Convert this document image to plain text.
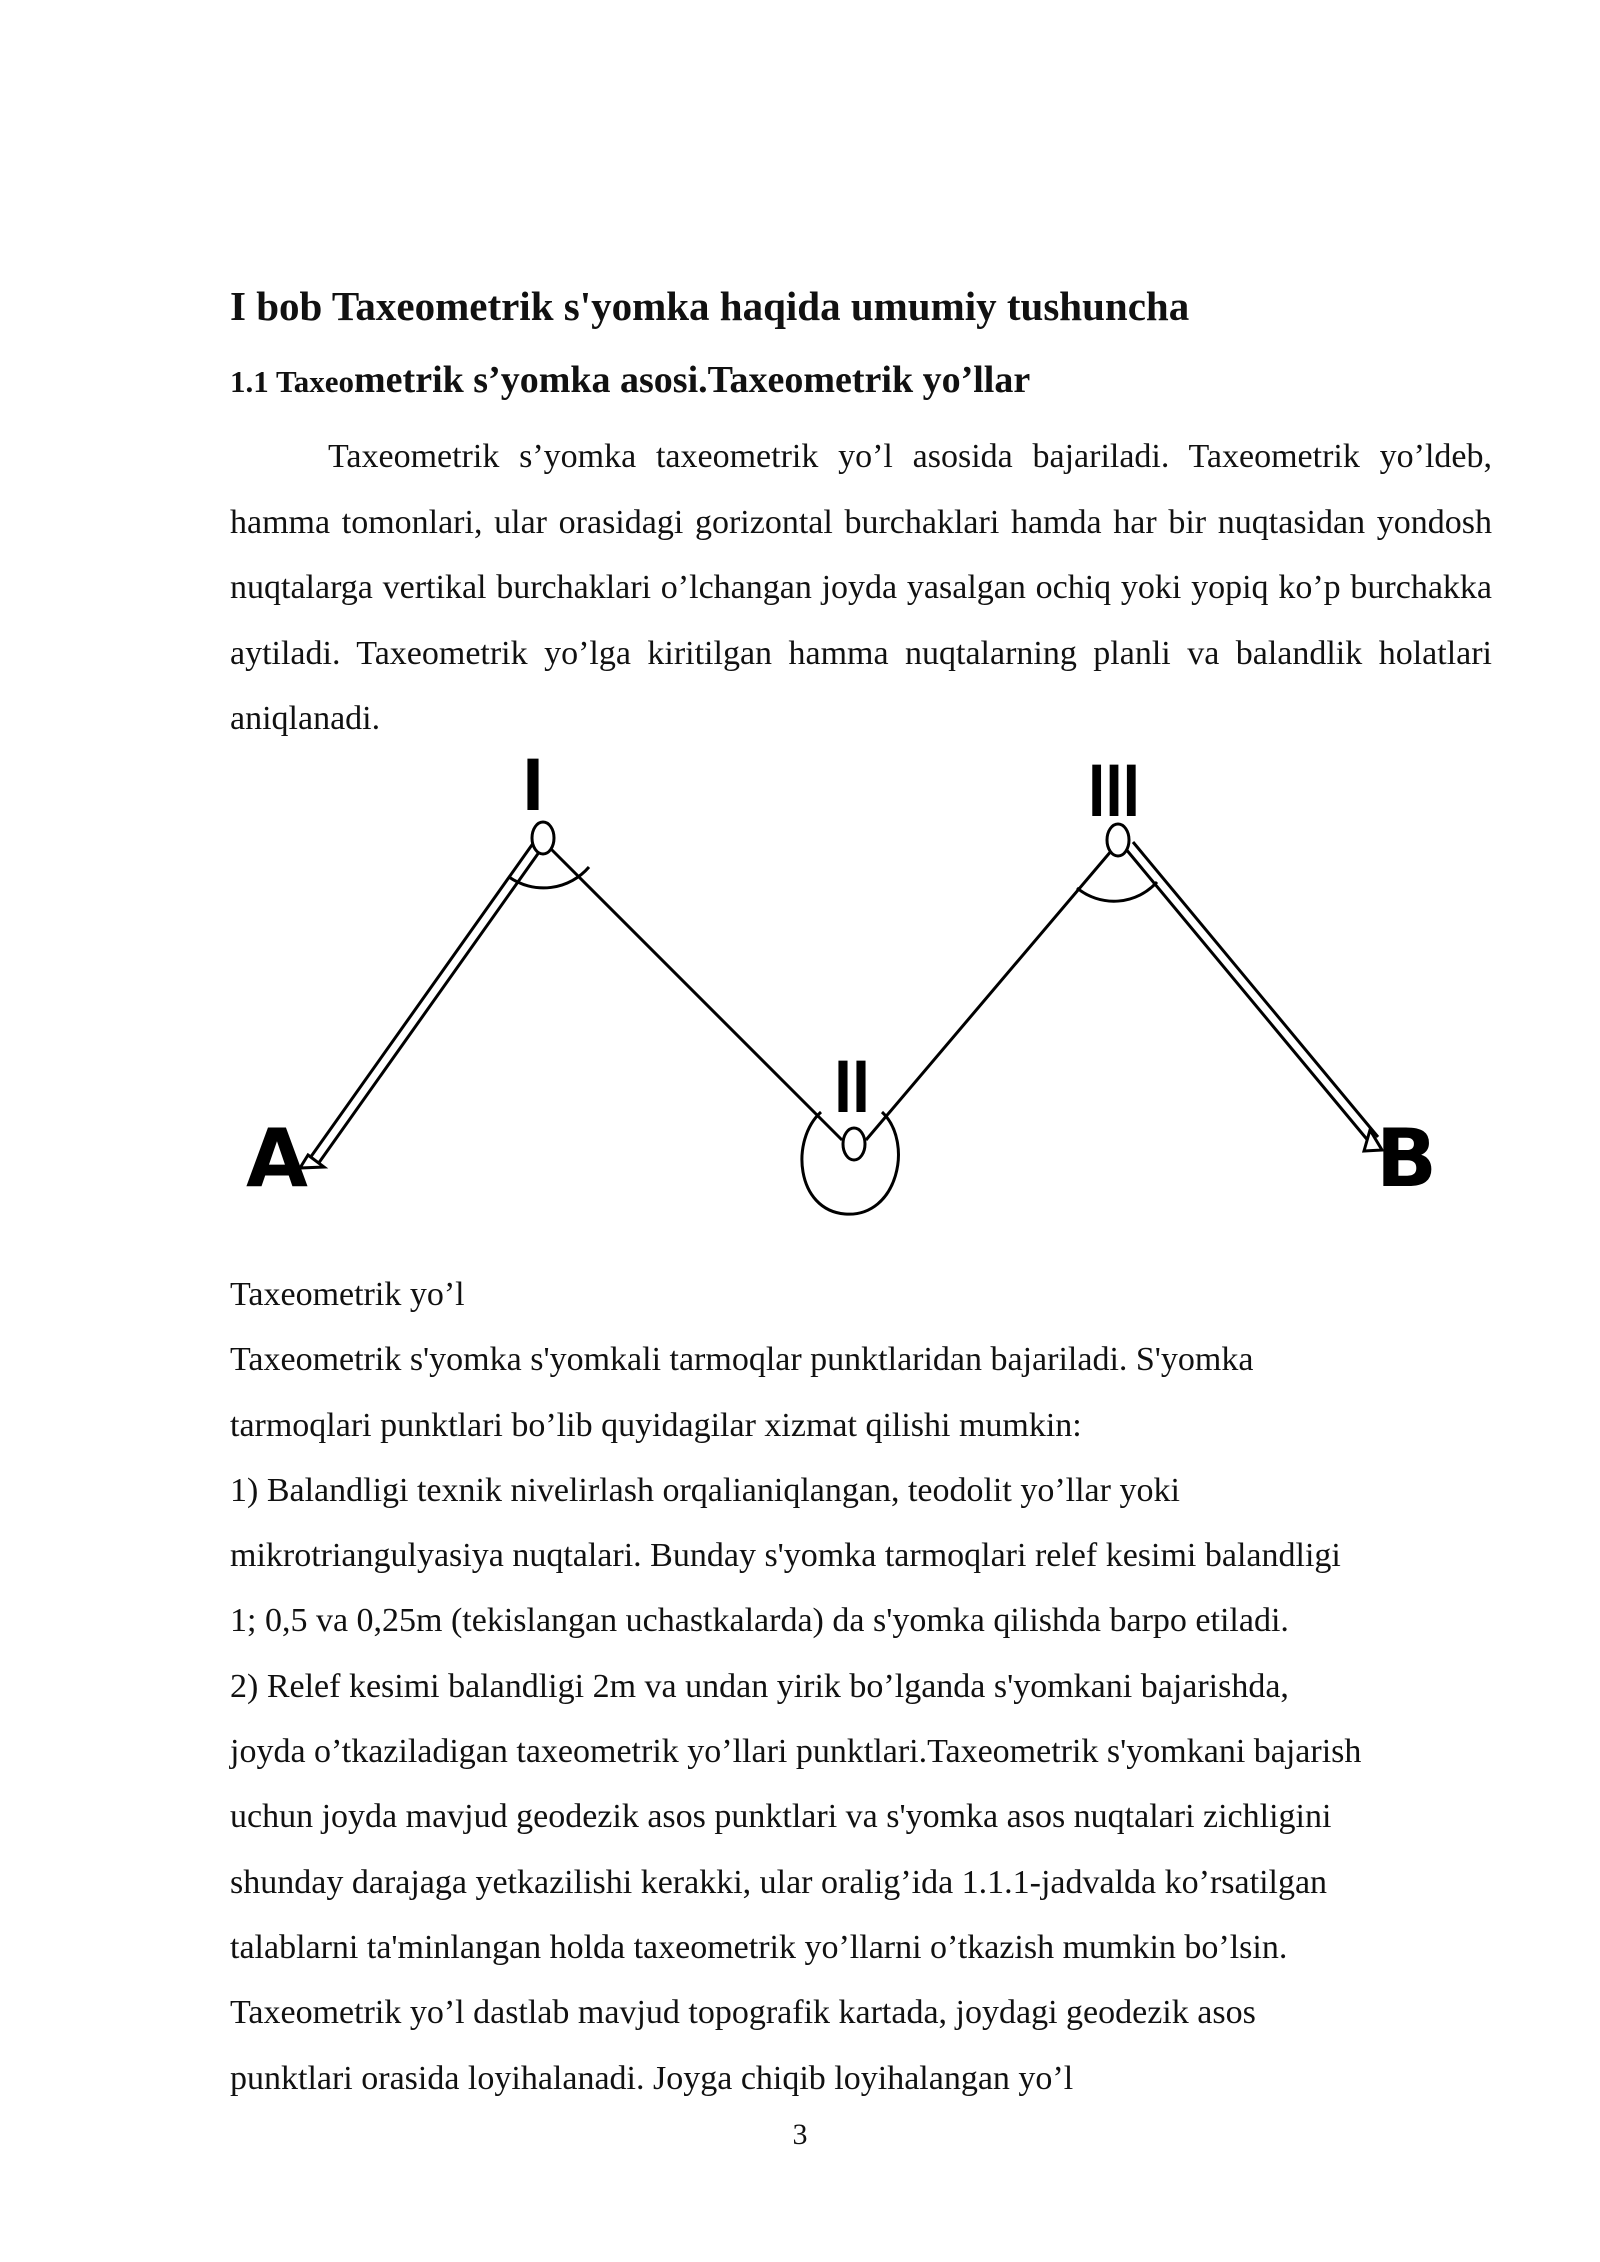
I bob Taxeometrik s'yomka haqida umumiy tushuncha
1.1 Taxeometrik s’yomka asosi.Taxeometrik yo’llar
Taxeometrik s’yomka taxeometrik yo’l asosida bajariladi. Taxeometrik yo’ldeb, hamma tomonlari, ular orasidagi gorizontal burchaklari hamda har bir nuqtasidan yondosh nuqtalarga vertikal burchaklari o’lchangan joyda yasalgan ochiq yoki yopiq ko’p burchakka aytiladi. Taxeometrik yo’lga kiritilgan hamma nuqtalarning planli va balandlik holatlari aniqlanadi.
A	B
I
II
III
Taxeometrik yo’l
Taxeometrik s'yomka s'yomkali tarmoqlar punktlaridan bajariladi. S'yomka
tarmoqlari punktlari bo’lib quyidagilar xizmat qilishi mumkin:
1) Balandligi texnik nivelirlash orqalianiqlangan, teodolit yo’llar yoki
mikrotriangulyasiya nuqtalari. Bunday s'yomka tarmoqlari relef kesimi balandligi
1; 0,5 va 0,25m (tekislangan uchastkalarda) da s'yomka qilishda barpo etiladi.
2) Relef kesimi balandligi 2m va undan yirik bo’lganda s'yomkani bajarishda,
joyda o’tkaziladigan taxeometrik yo’llari punktlari.Taxeometrik s'yomkani bajarish
uchun joyda mavjud geodezik asos punktlari va s'yomka asos nuqtalari zichligini
shunday darajaga yetkazilishi kerakki, ular oralig’ida 1.1.1-jadvalda ko’rsatilgan
talablarni ta'minlangan holda taxeometrik yo’llarni o’tkazish mumkin bo’lsin.
Taxeometrik yo’l dastlab mavjud topografik kartada, joydagi geodezik asos
punktlari orasida loyihalanadi. Joyga chiqib loyihalangan yo’l
3
